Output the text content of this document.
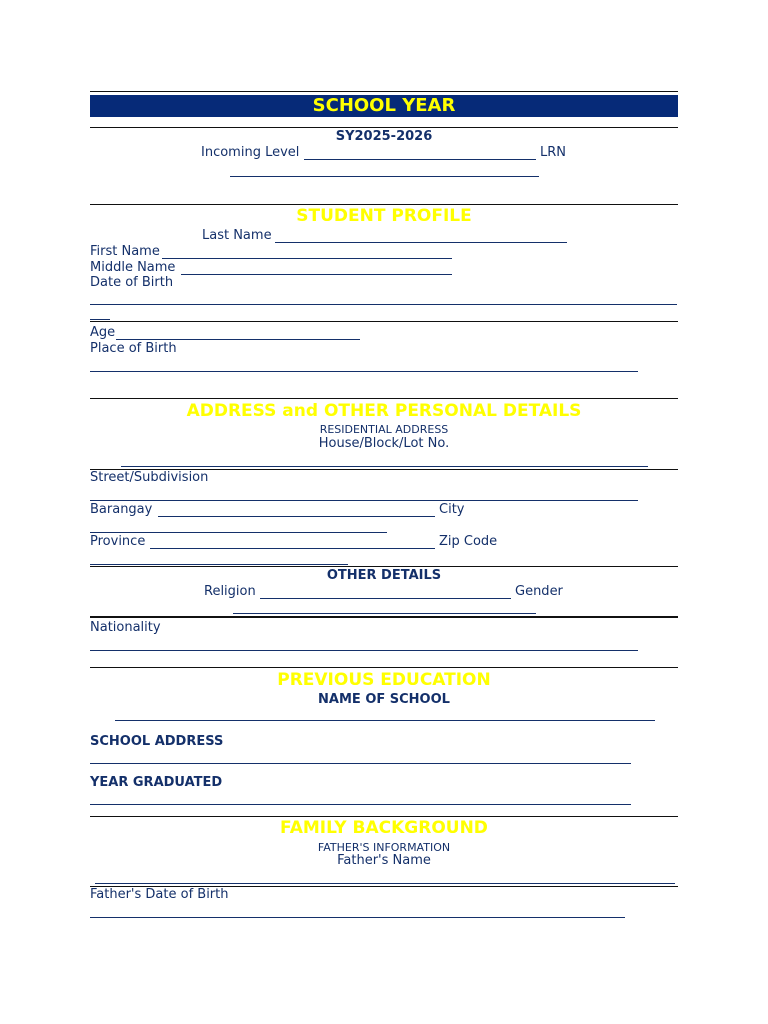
SCHOOL YEAR
SY2025-2026
Incoming Level	LRN
STUDENT PROFILE
Last Name
First Name
Middle Name
Date of Birth
Age
Place of Birth
ADDRESS and OTHER PERSONAL DETAILS
RESIDENTIAL ADDRESS
House/Block/Lot No.
Street/Subdivision
Barangay	City
Province	Zip Code
OTHER DETAILS
Religion	Gender
Nationality
PREVIOUS EDUCATION
NAME OF SCHOOL
SCHOOL ADDRESS
YEAR GRADUATED
FAMILY BACKGROUND
FATHER'S INFORMATION
Father's Name
Father's Date of Birth
